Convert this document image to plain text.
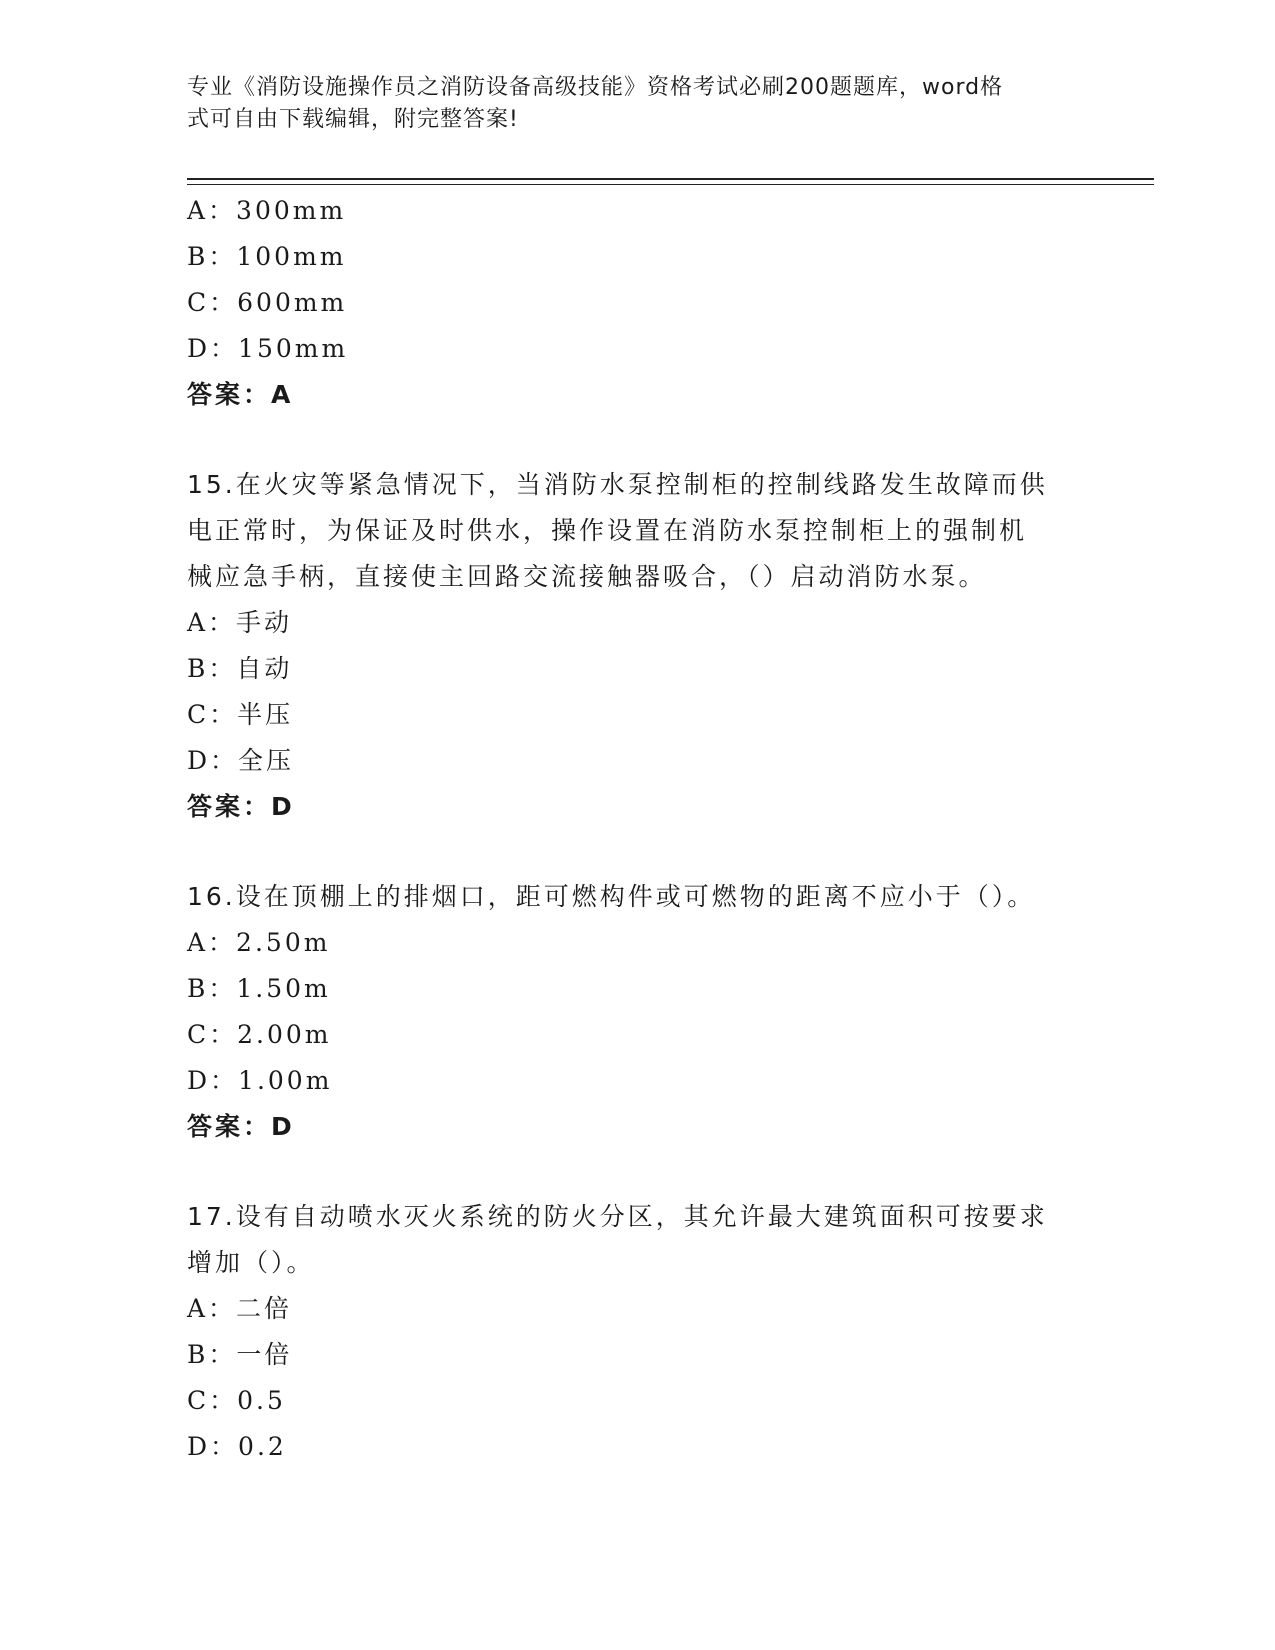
专业《消防设施操作员之消防设备高级技能》资格考试必刷200题题库，word格
式可自由下载编辑，附完整答案!
A：300mm
B：100mm
C：600mm
D：150mm
答案：A
15.在火灾等紧急情况下，当消防水泵控制柜的控制线路发生故障而供
电正常时，为保证及时供水，操作设置在消防水泵控制柜上的强制机
械应急手柄，直接使主回路交流接触器吸合，（）启动消防水泵。
A：手动
B：自动
C：半压
D：全压
答案：D
16.设在顶棚上的排烟口，距可燃构件或可燃物的距离不应小于（）。
A：2.50m
B：1.50m
C：2.00m
D：1.00m
答案：D
17.设有自动喷水灭火系统的防火分区，其允许最大建筑面积可按要求
增加（）。
A：二倍
B：一倍
C：0.5
D：0.2
